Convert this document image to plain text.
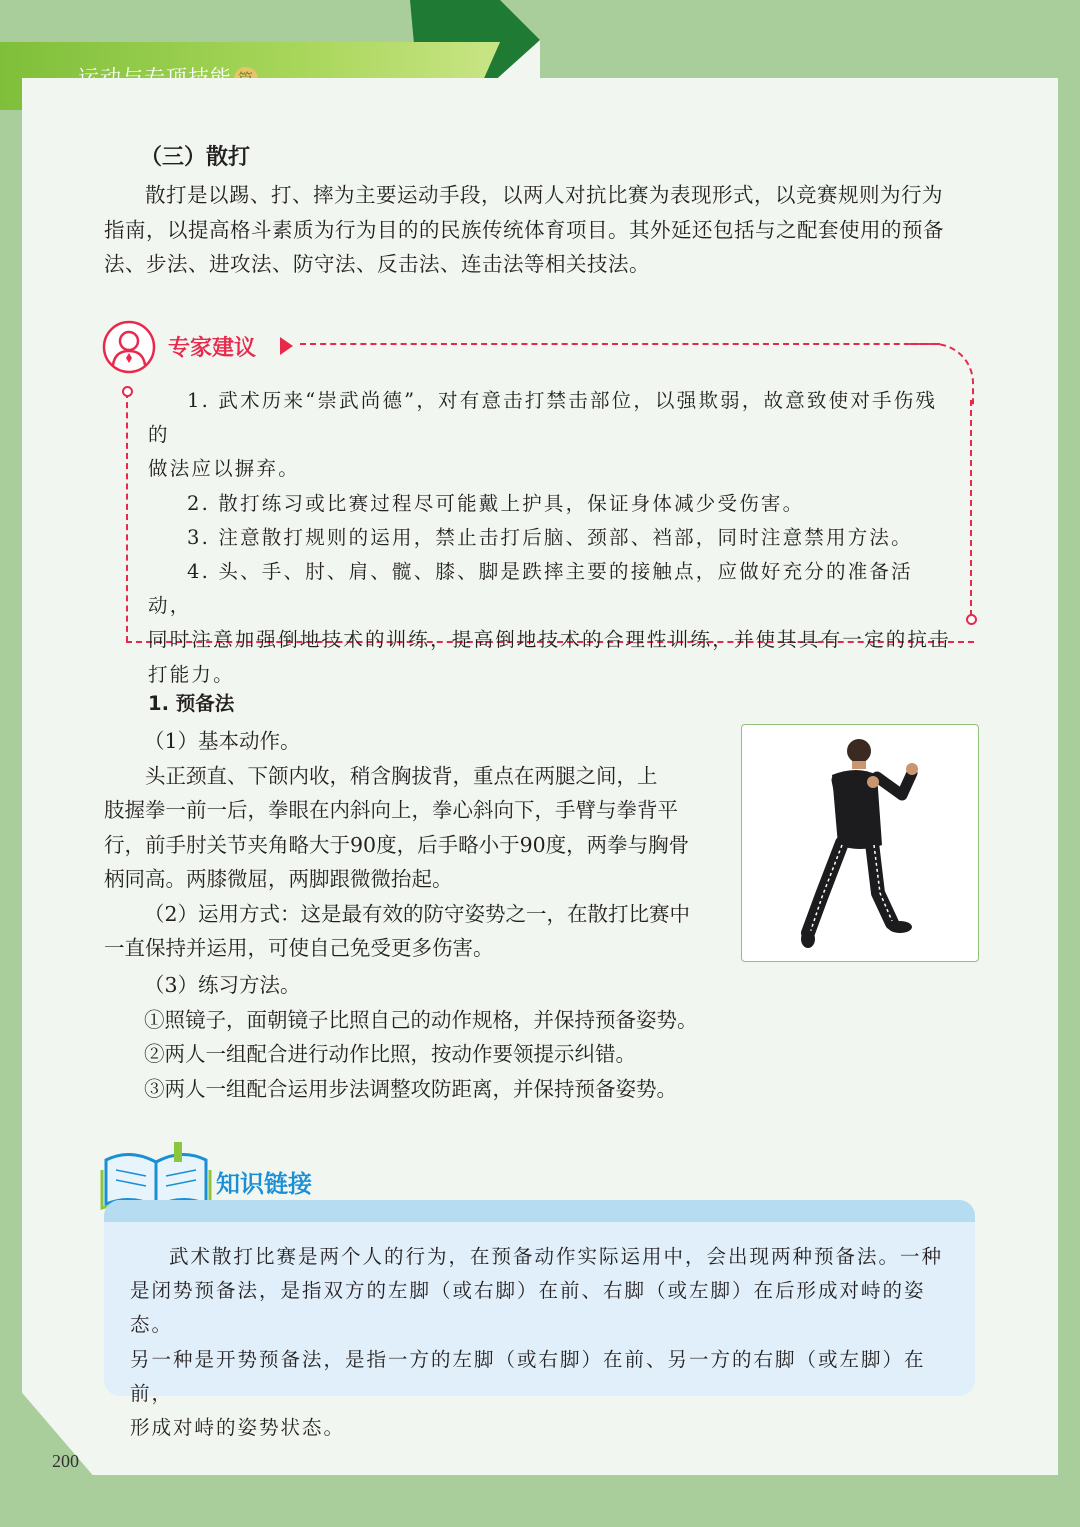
（三）散打

散打是以踢、打、摔为主要运动手段，以两人对抗比赛为表现形式，以竞赛规则为行为

指南，以提高格斗素质为行为目的的民族传统体育项目。其外延还包括与之配套使用的预备

法、步法、进攻法、防守法、反击法、连击法等相关技法。

专家建议

1. 武术历来“崇武尚德”，对有意击打禁击部位，以强欺弱，故意致使对手伤残的

做法应以摒弃。

2. 散打练习或比赛过程尽可能戴上护具，保证身体减少受伤害。

3. 注意散打规则的运用，禁止击打后脑、颈部、裆部，同时注意禁用方法。

4. 头、手、肘、肩、髋、膝、脚是跌摔主要的接触点，应做好充分的准备活动，

同时注意加强倒地技术的训练，提高倒地技术的合理性训练，并使其具有一定的抗击

打能力。

1. 预备法

（1）基本动作。

头正颈直、下颌内收，稍含胸拔背，重点在两腿之间，上

肢握拳一前一后，拳眼在内斜向上，拳心斜向下，手臂与拳背平

行，前手肘关节夹角略大于90度，后手略小于90度，两拳与胸骨

柄同高。两膝微屈，两脚跟微微抬起。

（2）运用方式：这是最有效的防守姿势之一，在散打比赛中

一直保持并运用，可使自己免受更多伤害。

（3）练习方法。

①照镜子，面朝镜子比照自己的动作规格，并保持预备姿势。

②两人一组配合进行动作比照，按动作要领提示纠错。

③两人一组配合运用步法调整攻防距离，并保持预备姿势。

知识链接

武术散打比赛是两个人的行为，在预备动作实际运用中，会出现两种预备法。一种

是闭势预备法，是指双方的左脚（或右脚）在前、右脚（或左脚）在后形成对峙的姿态。

另一种是开势预备法，是指一方的左脚（或右脚）在前、另一方的右脚（或左脚）在前，

形成对峙的姿势状态。

200
